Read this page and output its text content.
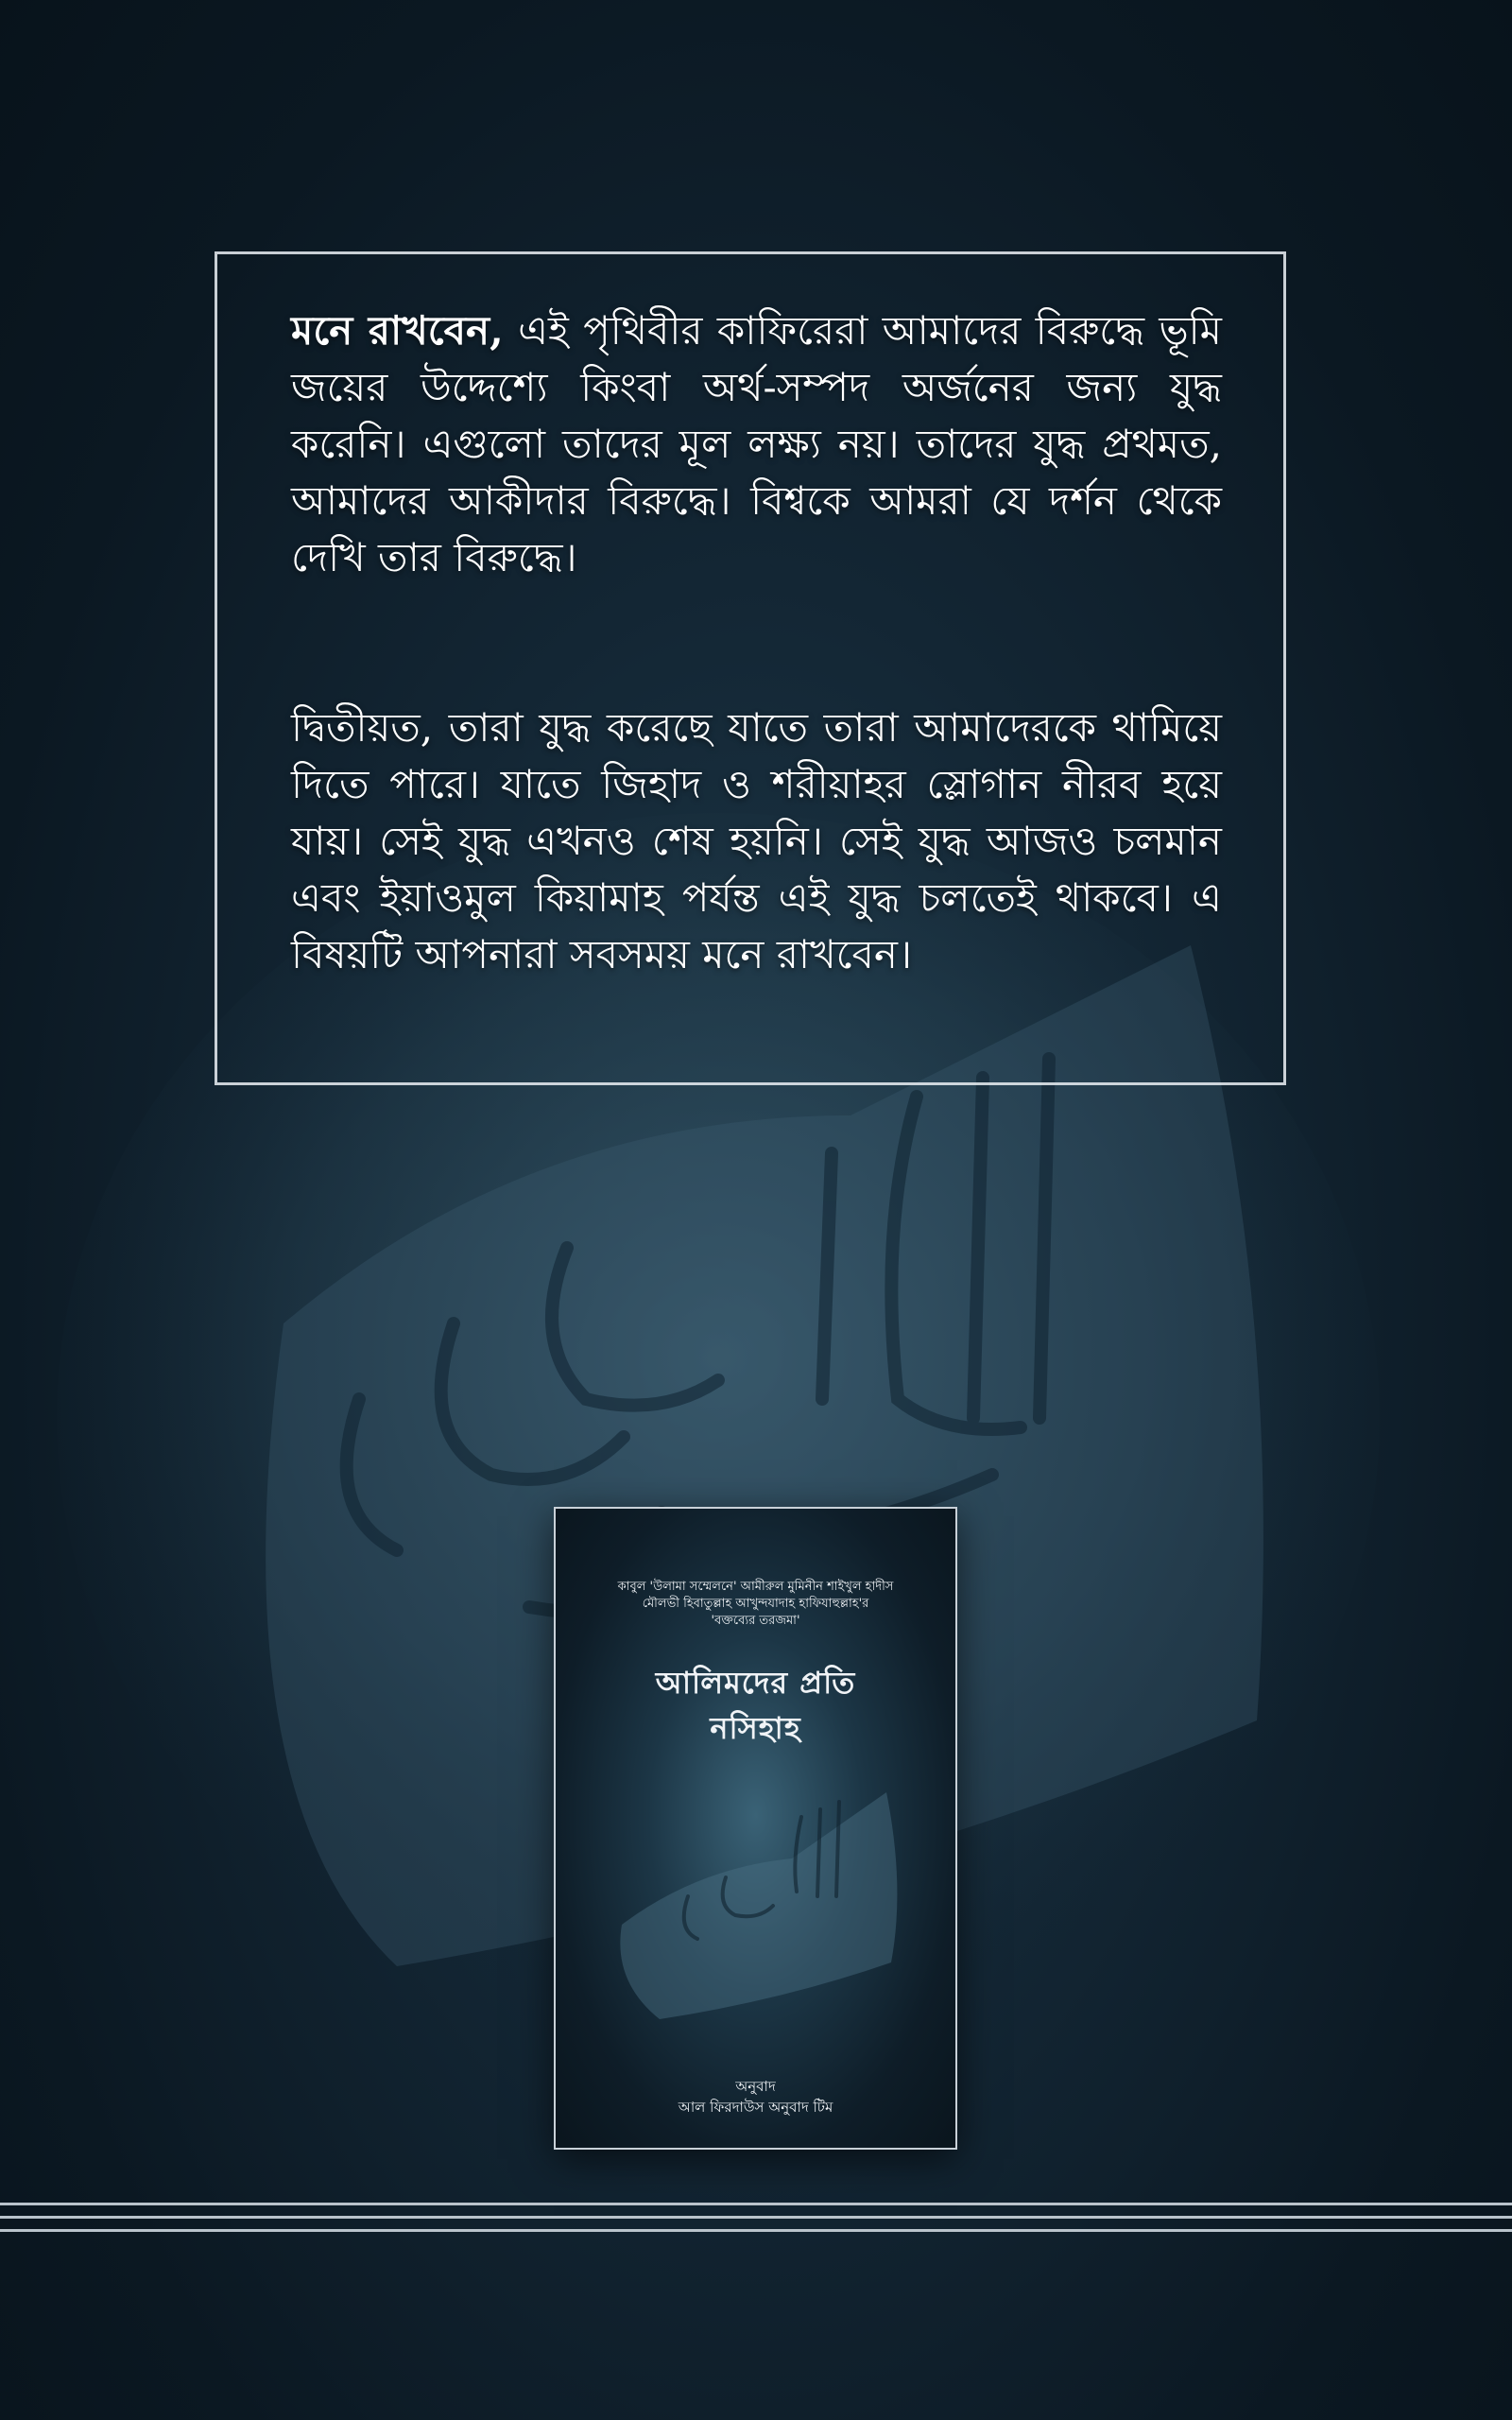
মনে রাখবেন, এই পৃথিবীর কাফিরেরা আমাদের বিরুদ্ধে ভূমি জয়ের উদ্দেশ্যে কিংবা অর্থ-সম্পদ অর্জনের জন্য যুদ্ধ করেনি। এগুলো তাদের মূল লক্ষ্য নয়। তাদের যুদ্ধ প্রথমত, আমাদের আকীদার বিরুদ্ধে। বিশ্বকে আমরা যে দর্শন থেকে দেখি তার বিরুদ্ধে।

দ্বিতীয়ত, তারা যুদ্ধ করেছে যাতে তারা আমাদেরকে থামিয়ে দিতে পারে। যাতে জিহাদ ও শরীয়াহর স্লোগান নীরব হয়ে যায়। সেই যুদ্ধ এখনও শেষ হয়নি। সেই যুদ্ধ আজও চলমান এবং ইয়াওমুল কিয়ামাহ পর্যন্ত এই যুদ্ধ চলতেই থাকবে। এ বিষয়টি আপনারা সবসময় মনে রাখবেন।

কাবুল 'উলামা সম্মেলনে' আমীরুল মুমিনীন শাইখুল হাদীস
মৌলভী হিবাতুল্লাহ আখুন্দযাদাহ হাফিযাহুল্লাহ'র
'বক্তব্যের তরজমা'
আলিমদের প্রতি
নসিহাহ
অনুবাদ
আল ফিরদাউস অনুবাদ টিম
